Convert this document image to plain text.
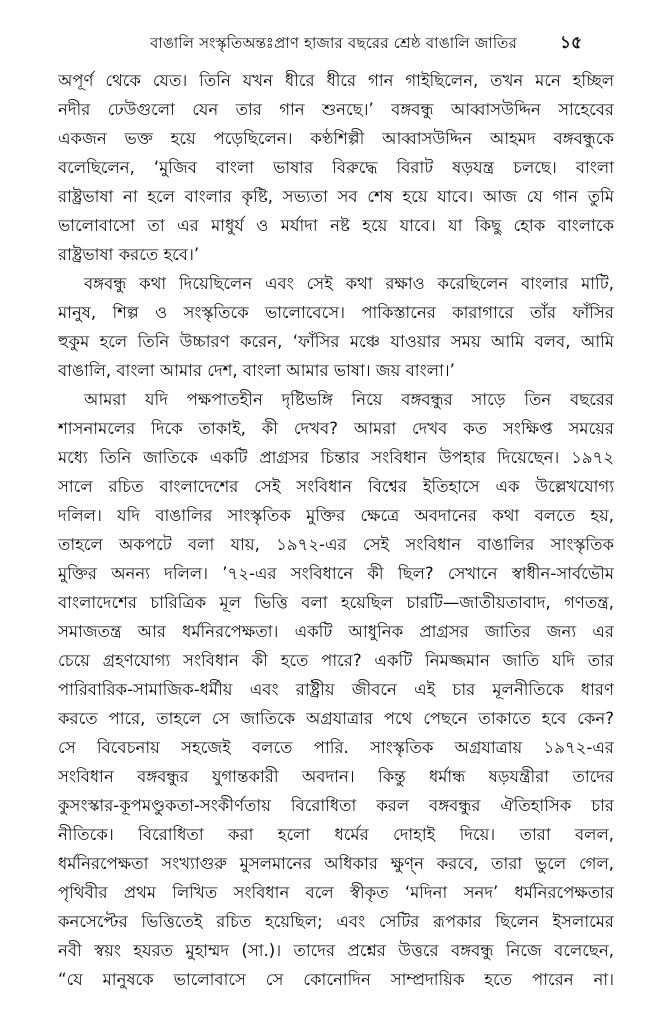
বাঙালি সংস্কৃতিঅন্তঃপ্রাণ হাজার বছরের শ্রেষ্ঠ বাঙালি জাতির	১৫
অপূর্ণ থেকে যেত। তিনি যখন ধীরে ধীরে গান গাইছিলেন, তখন মনে হচ্ছিল
নদীর ঢেউগুলো যেন তার গান শুনছে।’ বঙ্গবন্ধু আব্বাসউদ্দিন সাহেবের
একজন ভক্ত হয়ে পড়েছিলেন। কণ্ঠশিল্পী আব্বাসউদ্দিন আহমদ বঙ্গবন্ধুকে
বলেছিলেন, ‘মুজিব বাংলা ভাষার বিরুদ্ধে বিরাট ষড়যন্ত্র চলছে। বাংলা
রাষ্ট্রভাষা না হলে বাংলার কৃষ্টি, সভ্যতা সব শেষ হয়ে যাবে। আজ যে গান তুমি
ভালোবাসো তা এর মাধুর্য ও মর্যাদা নষ্ট হয়ে যাবে। যা কিছু হোক বাংলাকে
রাষ্ট্রভাষা করতে হবে।’
বঙ্গবন্ধু কথা দিয়েছিলেন এবং সেই কথা রক্ষাও করেছিলেন বাংলার মাটি,
মানুষ, শিল্প ও সংস্কৃতিকে ভালোবেসে। পাকিস্তানের কারাগারে তাঁর ফাঁসির
হুকুম হলে তিনি উচ্চারণ করেন, ‘ফাঁসির মঞ্চে যাওয়ার সময় আমি বলব, আমি
বাঙালি, বাংলা আমার দেশ, বাংলা আমার ভাষা। জয় বাংলা।’
আমরা যদি পক্ষপাতহীন দৃষ্টিভঙ্গি নিয়ে বঙ্গবন্ধুর সাড়ে তিন বছরের
শাসনামলের দিকে তাকাই, কী দেখব? আমরা দেখব কত সংক্ষিপ্ত সময়ের
মধ্যে তিনি জাতিকে একটি প্রাগ্রসর চিন্তার সংবিধান উপহার দিয়েছেন। ১৯৭২
সালে রচিত বাংলাদেশের সেই সংবিধান বিশ্বের ইতিহাসে এক উল্লেখযোগ্য
দলিল। যদি বাঙালির সাংস্কৃতিক মুক্তির ক্ষেত্রে অবদানের কথা বলতে হয়,
তাহলে অকপটে বলা যায়, ১৯৭২-এর সেই সংবিধান বাঙালির সাংস্কৃতিক
মুক্তির অনন্য দলিল। ’৭২-এর সংবিধানে কী ছিল? সেখানে স্বাধীন-সার্বভৌম
বাংলাদেশের চারিত্রিক মূল ভিত্তি বলা হয়েছিল চারটি—জাতীয়তাবাদ, গণতন্ত্র,
সমাজতন্ত্র আর ধর্মনিরপেক্ষতা। একটি আধুনিক প্রাগ্রসর জাতির জন্য এর
চেয়ে গ্রহণযোগ্য সংবিধান কী হতে পারে? একটি নিমজ্জমান জাতি যদি তার
পারিবারিক-সামাজিক-ধর্মীয় এবং রাষ্ট্রীয় জীবনে এই চার মূলনীতিকে ধারণ
করতে পারে, তাহলে সে জাতিকে অগ্রযাত্রার পথে পেছনে তাকাতে হবে কেন?
সে বিবেচনায় সহজেই বলতে পারি. সাংস্কৃতিক অগ্রযাত্রায় ১৯৭২-এর
সংবিধান বঙ্গবন্ধুর যুগান্তকারী অবদান। কিন্তু ধর্মান্ধ ষড়যন্ত্রীরা তাদের
কুসংস্কার-কূপমণ্ডুকতা-সংকীর্ণতায় বিরোধিতা করল বঙ্গবন্ধুর ঐতিহাসিক চার
নীতিকে। বিরোধিতা করা হলো ধর্মের দোহাই দিয়ে। তারা বলল,
ধর্মনিরপেক্ষতা সংখ্যাগুরু মুসলমানের অধিকার ক্ষুণ্ন করবে, তারা ভুলে গেল,
পৃথিবীর প্রথম লিখিত সংবিধান বলে স্বীকৃত ‘মদিনা সনদ’ ধর্মনিরপেক্ষতার
কনসেপ্টের ভিত্তিতেই রচিত হয়েছিল; এবং সেটির রূপকার ছিলেন ইসলামের
নবী স্বয়ং হযরত মুহাম্মদ (সা.)। তাদের প্রশ্নের উত্তরে বঙ্গবন্ধু নিজে বলেছেন,
“যে মানুষকে ভালোবাসে সে কোনোদিন সাম্প্রদায়িক হতে পারেন না।
